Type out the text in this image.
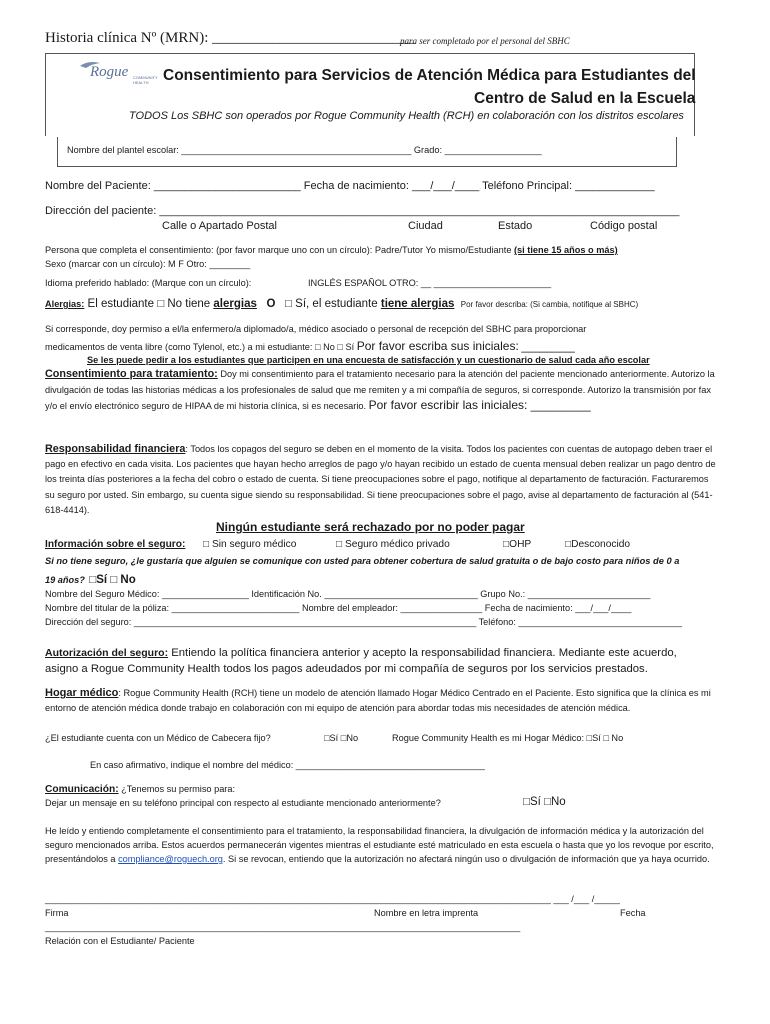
Historia clínica Nº (MRN): ___________________________
para ser completado por el personal del SBHC
Rogue COMMUNITY
HEALTH Consentimiento para Servicios de Atención Médica para Estudiantes del
Centro de Salud en la Escuela
TODOS Los SBHC son operados por Rogue Community Health (RCH) en colaboración con los distritos escolares
Nombre del plantel escolar: _____________________________________________ Grado: ___________________
Nombre del Paciente: ________________________ Fecha de nacimiento: ___/___/____ Teléfono Principal: _____________
Dirección del paciente: _____________________________________________________________________________________
Calle o Apartado Postal	Ciudad	Estado	Código postal
Persona que completa el consentimiento: (por favor marque uno con un círculo): Padre/Tutor Yo mismo/Estudiante (si tiene 15 años o más)
Sexo (marcar con un círculo): M F Otro: ________
Idioma preferido hablado: (Marque con un círculo):	INGLÉS ESPAÑOL OTRO: __ _______________________
Alergias: El estudiante □ No tiene alergias O □ Sí, el estudiante tiene alergias Por favor describa: (Si cambia, notifique al SBHC)
Si corresponde, doy permiso a el/la enfermero/a diplomado/a, médico asociado o personal de recepción del SBHC para proporcionar
medicamentos de venta libre (como Tylenol, etc.) a mi estudiante: □ No □ Sí Por favor escriba sus iniciales: ________
Se les puede pedir a los estudiantes que participen en una encuesta de satisfacción y un cuestionario de salud cada año escolar
Consentimiento para tratamiento: Doy mi consentimiento para el tratamiento necesario para la atención del paciente mencionado anteriormente. Autorizo la divulgación de todas las historias médicas a los profesionales de salud que me remiten y a mi compañía de seguros, si corresponde. Autorizo la transmisión por fax y/o el envío electrónico seguro de HIPAA de mi historia clínica, si es necesario. Por favor escribir las iniciales: _________
Responsabilidad financiera: Todos los copagos del seguro se deben en el momento de la visita. Todos los pacientes con cuentas de autopago deben traer el pago en efectivo en cada visita. Los pacientes que hayan hecho arreglos de pago y/o hayan recibido un estado de cuenta mensual deben realizar un pago dentro de los treinta días posteriores a la fecha del cobro o estado de cuenta. Si tiene preocupaciones sobre el pago, notifique al departamento de facturación. Facturaremos su seguro por usted. Sin embargo, su cuenta sigue siendo su responsabilidad. Si tiene preocupaciones sobre el pago, avise al departamento de facturación al (541-618-4414).
Ningún estudiante será rechazado por no poder pagar
Información sobre el seguro: □ Sin seguro médico	□ Seguro médico privado	□OHP	□Desconocido
Si no tiene seguro, ¿le gustaría que alguien se comunique con usted para obtener cobertura de salud gratuita o de bajo costo para niños de 0 a
19 años? □Sí □ No
Nombre del Seguro Médico: _________________ Identificación No. ______________________________ Grupo No.: ________________________
Nombre del titular de la póliza: _________________________ Nombre del empleador: ________________ Fecha de nacimiento: ___/___/____
Dirección del seguro: ___________________________________________________________________ Teléfono: ________________________________
Autorización del seguro: Entiendo la política financiera anterior y acepto la responsabilidad financiera. Mediante este acuerdo, asigno a Rogue Community Health todos los pagos adeudados por mi compañía de seguros por los servicios prestados.
Hogar médico: Rogue Community Health (RCH) tiene un modelo de atención llamado Hogar Médico Centrado en el Paciente. Esto significa que la clínica es mi entorno de atención médica donde trabajo en colaboración con mi equipo de atención para abordar todas mis necesidades de atención médica.
¿El estudiante cuenta con un Médico de Cabecera fijo?	□Sí □No	Rogue Community Health es mi Hogar Médico: □Sí □ No
En caso afirmativo, indique el nombre del médico: _____________________________________
Comunicación: ¿Tenemos su permiso para:
Dejar un mensaje en su teléfono principal con respecto al estudiante mencionado anteriormente?	□Sí □No
He leído y entiendo completamente el consentimiento para el tratamiento, la responsabilidad financiera, la divulgación de información médica y la autorización del seguro mencionados arriba. Estos acuerdos permanecerán vigentes mientras el estudiante esté matriculado en esta escuela o hasta que yo los revoque por escrito, presentándolos a compliance@roguech.org. Si se revocan, entiendo que la autorización no afectará ningún uso o divulgación de información que ya haya ocurrido.
___________________________________________________________________________________________________ ___ /___ /_____
Firma	Nombre en letra imprenta	Fecha
_____________________________________________________________________________________________
Relación con el Estudiante/ Paciente
